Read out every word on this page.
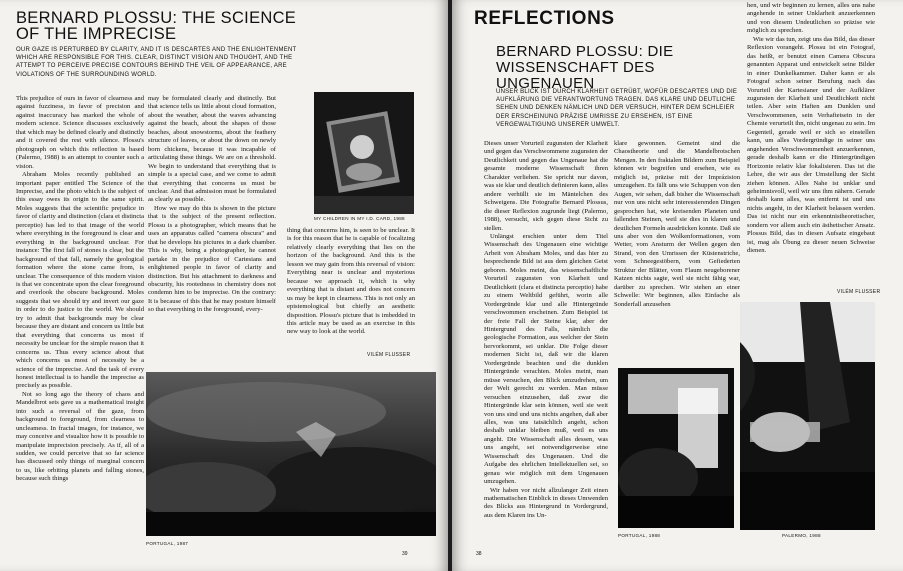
BERNARD PLOSSU: THE SCIENCE OF THE IMPRECISE

OUR GAZE IS PERTURBED BY CLARITY, AND IT IS DESCARTES AND THE ENLIGHTENMENT WHICH ARE RESPONSIBLE FOR THIS. CLEAR, DISTINCT VISION AND THOUGHT, AND THE ATTEMPT TO PERCEIVE PRECISE CONTOURS BEHIND THE VEIL OF APPEARANCE, ARE VIOLATIONS OF THE SURROUNDING WORLD.

This prejudice of ours in favor of clearness and against fuzziness, in favor of precision and against inaccuracy has marked the whole of modern science. Science discusses exclusively that which may be defined clearly and distinctly and it covered the rest with silence. Plossu's photograph on which this reflection is based (Palermo, 1988) is an attempt to counter such a vision.

Abraham Moles recently published an important paper entitled The Science of the Imprecise, and the photo which is the subject of this essay owes its origin to the same spirit. Moles suggests that the scientific prejudice in favor of clarity and distinction (clara et distincta perceptio) has led to that image of the world where everything in the foreground is clear and everything in the background unclear. For instance: The first fall of stones is clear, but the background of that fall, namely the geological formation where the stone came from, is unclear. The consequence of this modern vision is that we concentrate upon the clear foreground and overlook the obscure background. Moles suggests that we should try and invert our gaze in order to do justice to the world. We should try to admit that backgrounds may be clear because they are distant and concern us little but that everything that concerns us most if necessity be unclear for the simple reason that it concerns us. Thus every science about that which concerns us most of necessity be a science of the imprecise. And the task of every honest intellectual is to handle the imprecise as precisely as possible.

Not so long ago the theory of chaos and Mandelbrot sets gave us a mathematical insight into such a reversal of the gaze, from background to foreground, from clearness to uncleamess. In fractal images, for instance, we may conceive and visualize how it is possible to manipulate imprecision precisely. As if, all of a sudden, we could perceive that so far science has discussed only things of marginal concern to us, like orbiting planets and falling stones, because such things

may be formulated clearly and distinctly. But that science tells us little about cloud formation, about the weather, about the waves advancing against the beach, about the shapes of those beaches, about snowstorms, about the feathery structure of leaves, or about the down on newly born chickens, because it was incapable of articulating these things. We are on a threshold. We begin to understand that everything that is simple is a special case, and we come to admit that everything that concerns us must be unclear. And that admission must be formulated as clearly as possible.

How we may do this is shown in the picture that is the subject of the present reflection. Plossu is a photographer, which means that he uses an apparatus called "camera obscura" and that he develops his pictures in a dark chamber. This is why, being a photographer, he cannot partake in the prejudice of Cartesians and enlightened people in favor of clarity and distinction. But his attachment to darkness and obscurity, his rootedness in chemistry does not condemn him to be imprecise. On the contrary: It is because of this that he may posture himself so that everything in the foreground, every-

MY CHILDREN IN MY I.D. CARD, 1988

thing that concerns him, is seen to be unclear. It is for this reason that he is capable of focalizing relatively clearly everything that lies on the horizon of the background. And this is the lesson we may gain from this reversal of vision: Everything near is unclear and mysterious because we approach it, which is why everything that is distant and does not concern us may be kept in clearness. This is not only an epistemological but chiefly an aesthetic disposition. Plossu's picture that is imbedded in this article may be used as an exercise in this new way to look at the world.

VILÉM FLUSSER
PORTUGAL, 1987
39
REFLECTIONS
BERNARD PLOSSU: DIE WISSENSCHAFT DES UNGENAUEN

UNSER BLICK IST DURCH KLARHEIT GETRÜBT, WOFÜR DESCARTES UND DIE AUFKLÄRUNG DIE VERANTWORTUNG TRAGEN. DAS KLARE UND DEUTLICHE SEHEN UND DENKEN NÄMLICH UND DER VERSUCH, HINTER DEM SCHLEIER DER ERSCHEINUNG PRÄZISE UMRISSE ZU ERSEHEN, IST EINE VERGEWALTIGUNG UNSERER UMWELT.

Dieses unser Vorurteil zugunsten der Klarheit und gegen das Verschwommene zugunsten der Deutlichkeit und gegen das Ungenaue hat die gesamte moderne Wissenschaft ihren Charakter verliehen. Sie spricht nur davon, was sie klar und deutlich definieren kann, alles andere verhüllt sie im Mäntelchen des Schweigens. Die Fotografie Bernard Plossus, die dieser Reflexion zugrunde liegt (Palermo, 1988), versucht, sich gegen diese Sicht zu stellen.

Unlängst erschien unter dem Titel Wissenschaft des Ungenauen eine wichtige Arbeit von Abraham Moles, und das hier zu besprechende Bild ist aus dem gleichen Geist geboren. Moles meint, das wissenschaftliche Vorurteil zugunsten von Klarheit und Deutlichkeit (clara et distincta perceptio) habe zu einem Weltbild geführt, worin alle Vordergründe klar und alle Hintergründe verschwommen erscheinen. Zum Beispiel ist der freie Fall der Steine klar, aber der Hintergrund des Falls, nämlich die geologische Formation, aus welcher der Stein hervorkommt, sei unklar. Die Folge dieser modernen Sicht ist, daß wir die klaren Vordergründe beachten und die dunklen Hintergründe verachten. Moles meint, man müsse versuchen, den Blick umzudrehen, um der Welt gerecht zu werden. Man müsse versuchen einzusehen, daß zwar die Hintergründe klar sein können, weil sie weit von uns sind und uns nichts angehen, daß aber alles, was uns tatsächlich angeht, schon deshalb unklar bleiben muß, weil es uns angeht. Die Wissenschaft alles dessen, was uns angeht, sei notwendigerweise eine Wissenschaft des Ungenauen. Und die Aufgabe des ehrlichen Intellektuellen sei, so genau wie möglich mit dem Ungenauen umzugehen.

Wir haben vor nicht allzulanger Zeit einen mathematischen Einblick in dieses Umwenden des Blicks aus Hintergrund in Vordergrund, aus dem Klaren ins Un-

klare gewonnen. Gemeint sind die Chaostheorie und die Mandelbrotschen Mengen. In den fraktalen Bildern zum Beispiel können wir begreifen und ersehen, wie es möglich ist, präzise mit der Imprázision umzugehen. Es fällt uns wie Schuppen von den Augen, wir sehen, daß bisher die Wissenschaft nur von uns nicht sehr interessierenden Dingen gesprochen hat, wie kreisenden Planeten und fallenden Steinen, weil sie dies in klaren und deutlichen Formeln ausdrücken konnte. Daß sie uns aber von den Wolkenformationen, vom Wetter, vom Ansturm der Wellen gegen den Strand, von den Umrissen der Küstenstriche, vom Schneegestöbern, vom Gefiederten Struktur der Blätter, vom Flaum neugeborener Katzen nichts sagte, weil sie nicht fähig war, darüber zu sprechen. Wir stehen an einer Schwelle: Wir beginnen, alles Einfache als Sonderfall anzusehen

hen, und wir beginnen zu lernen, alles uns nahe angehende in seiner Unklarheit anzuerkennen und von diesem Undeutlichen so präzise wie möglich zu sprechen.

Wie wir das tun, zeigt uns das Bild, das dieser Reflexion vorangeht. Plossu ist ein Fotograf, das heißt, er benutzt einen Camera Obscura genannten Apparat und entwickelt seine Bilder in einer Dunkelkammer. Daher kann er als Fotograf schon seiner Berufung nach das Vorurteil der Kartesianer und der Aufklärer zugunsten der Klarheit und Deutlichkeit nicht teilen. Aber sein Haften am Dunklen und Verschwommenen, sein Verhaftetsein in der Chemie verurteilt ihn, nicht ungenau zu sein. Im Gegenteil, gerade weil er sich so einstellen kann, um alles Vordergründige in seiner uns angehenden Verschwommenheit anzuerkennen, gerade deshalb kann er die Hintergründigen Horizonte relativ klar fokalisieren. Das ist die Lehre, die wir aus der Umstellung der Sicht ziehen können. Alles Nahe ist unklar und geheimnisvoll, weil wir uns ihm nähern. Gerade deshalb kann alles, was entfernt ist und uns nichts angeht, in der Klarheit belassen werden. Das ist nicht nur ein erkenntnistheoretischer, sondern vor allem auch ein ästhetischer Ansatz. Plossus Bild, das in diesen Aufsatz eingebaut ist, mag als Übung zu dieser neuen Schweise dienen.

VILÉM FLUSSER
PORTUGAL, 1988	PALERMO, 1988
38
